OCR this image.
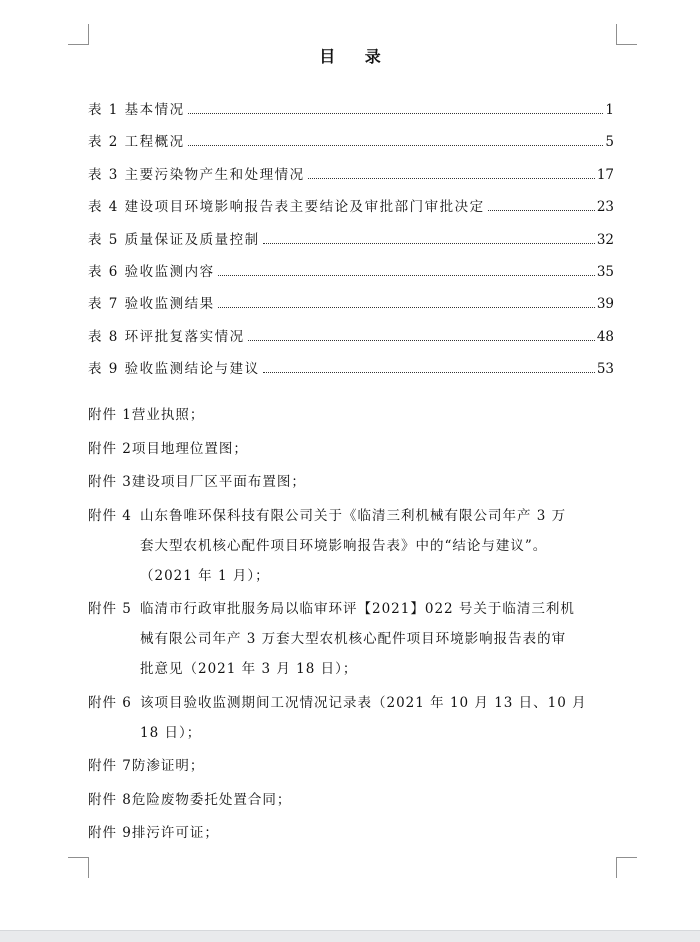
目 录
表 1 基本情况	1
表 2 工程概况	5
表 3 主要污染物产生和处理情况	17
表 4 建设项目环境影响报告表主要结论及审批部门审批决定	23
表 5 质量保证及质量控制	32
表 6 验收监测内容	35
表 7 验收监测结果	39
表 8 环评批复落实情况	48
表 9 验收监测结论与建议	53
附件 1 营业执照；
附件 2 项目地理位置图；
附件 3 建设项目厂区平面布置图；
附件 4 山东鲁唯环保科技有限公司关于《临清三利机械有限公司年产 3 万
套大型农机核心配件项目环境影响报告表》中的“结论与建议”。
（2021 年 1 月）；
附件 5 临清市行政审批服务局以临审环评【2021】022 号关于临清三利机
械有限公司年产 3 万套大型农机核心配件项目环境影响报告表的审
批意见（2021 年 3 月 18 日）；
附件 6 该项目验收监测期间工况情况记录表（2021 年 10 月 13 日、10 月
18 日）；
附件 7 防渗证明；
附件 8 危险废物委托处置合同；
附件 9 排污许可证；
